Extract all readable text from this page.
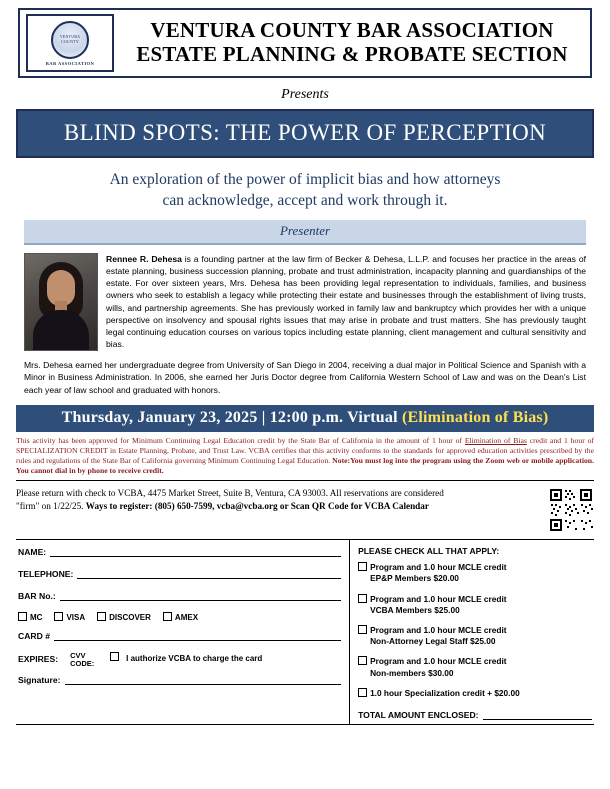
VENTURA COUNTY
BAR ASSOCIATION
VENTURA COUNTY BAR ASSOCIATION
ESTATE PLANNING & PROBATE SECTION
Presents
BLIND SPOTS: THE POWER OF PERCEPTION
An exploration of the power of implicit bias and how attorneys
can acknowledge, accept and work through it.
Presenter
Rennee R. Dehesa is a founding partner at the law firm of Becker & Dehesa, L.L.P. and focuses her practice in the areas of estate planning, business succession planning, probate and trust administration, incapacity planning and guardianships of the estate. For over sixteen years, Mrs. Dehesa has been providing legal representation to individuals, families, and business owners who seek to establish a legacy while protecting their estate and businesses through the establishment of living trusts, wills, and partnership agreements. She has previously worked in family law and bankruptcy which provides her with a unique perspective on insolvency and spousal rights issues that may arise in probate and trust matters. She has previously taught legal continuing education courses on various topics including estate planning, client management and cultural sensitivity and bias.
Mrs. Dehesa earned her undergraduate degree from University of San Diego in 2004, receiving a dual major in Political Science and Spanish with a Minor in Business Administration. In 2006, she earned her Juris Doctor degree from California Western School of Law and was on the Dean's List each year of law school and graduated with honors.
Thursday, January 23, 2025 | 12:00 p.m. Virtual (Elimination of Bias)
This activity has been approved for Minimum Continuing Legal Education credit by the State Bar of California in the amount of 1 hour of Elimination of Bias credit and 1 hour of SPECIALIZATION CREDIT in Estate Planning, Probate, and Trust Law. VCBA certifies that this activity conforms to the standards for approved education activities prescribed by the rules and regulations of the State Bar of California governing Minimum Continuing Legal Education. Note:You must log into the program using the Zoom web or mobile application. You cannot dial in by phone to receive credit.
Please return with check to VCBA, 4475 Market Street, Suite B, Ventura, CA 93003. All reservations are considered
"firm" on 1/22/25. Ways to register: (805) 650-7599, vcba@vcba.org or Scan QR Code for VCBA Calendar
NAME:
TELEPHONE:
BAR No.:
MC	VISA	DISCOVER	AMEX
CARD #
EXPIRES: CVV CODE:
I authorize VCBA to charge the card
Signature:
PLEASE CHECK ALL THAT APPLY:
Program and 1.0 hour MCLE credit
EP&P Members $20.00
Program and 1.0 hour MCLE credit
VCBA Members $25.00
Program and 1.0 hour MCLE credit
Non-Attorney Legal Staff $25.00
Program and 1.0 hour MCLE credit
Non-members $30.00
1.0 hour Specialization credit + $20.00
TOTAL AMOUNT ENCLOSED:
